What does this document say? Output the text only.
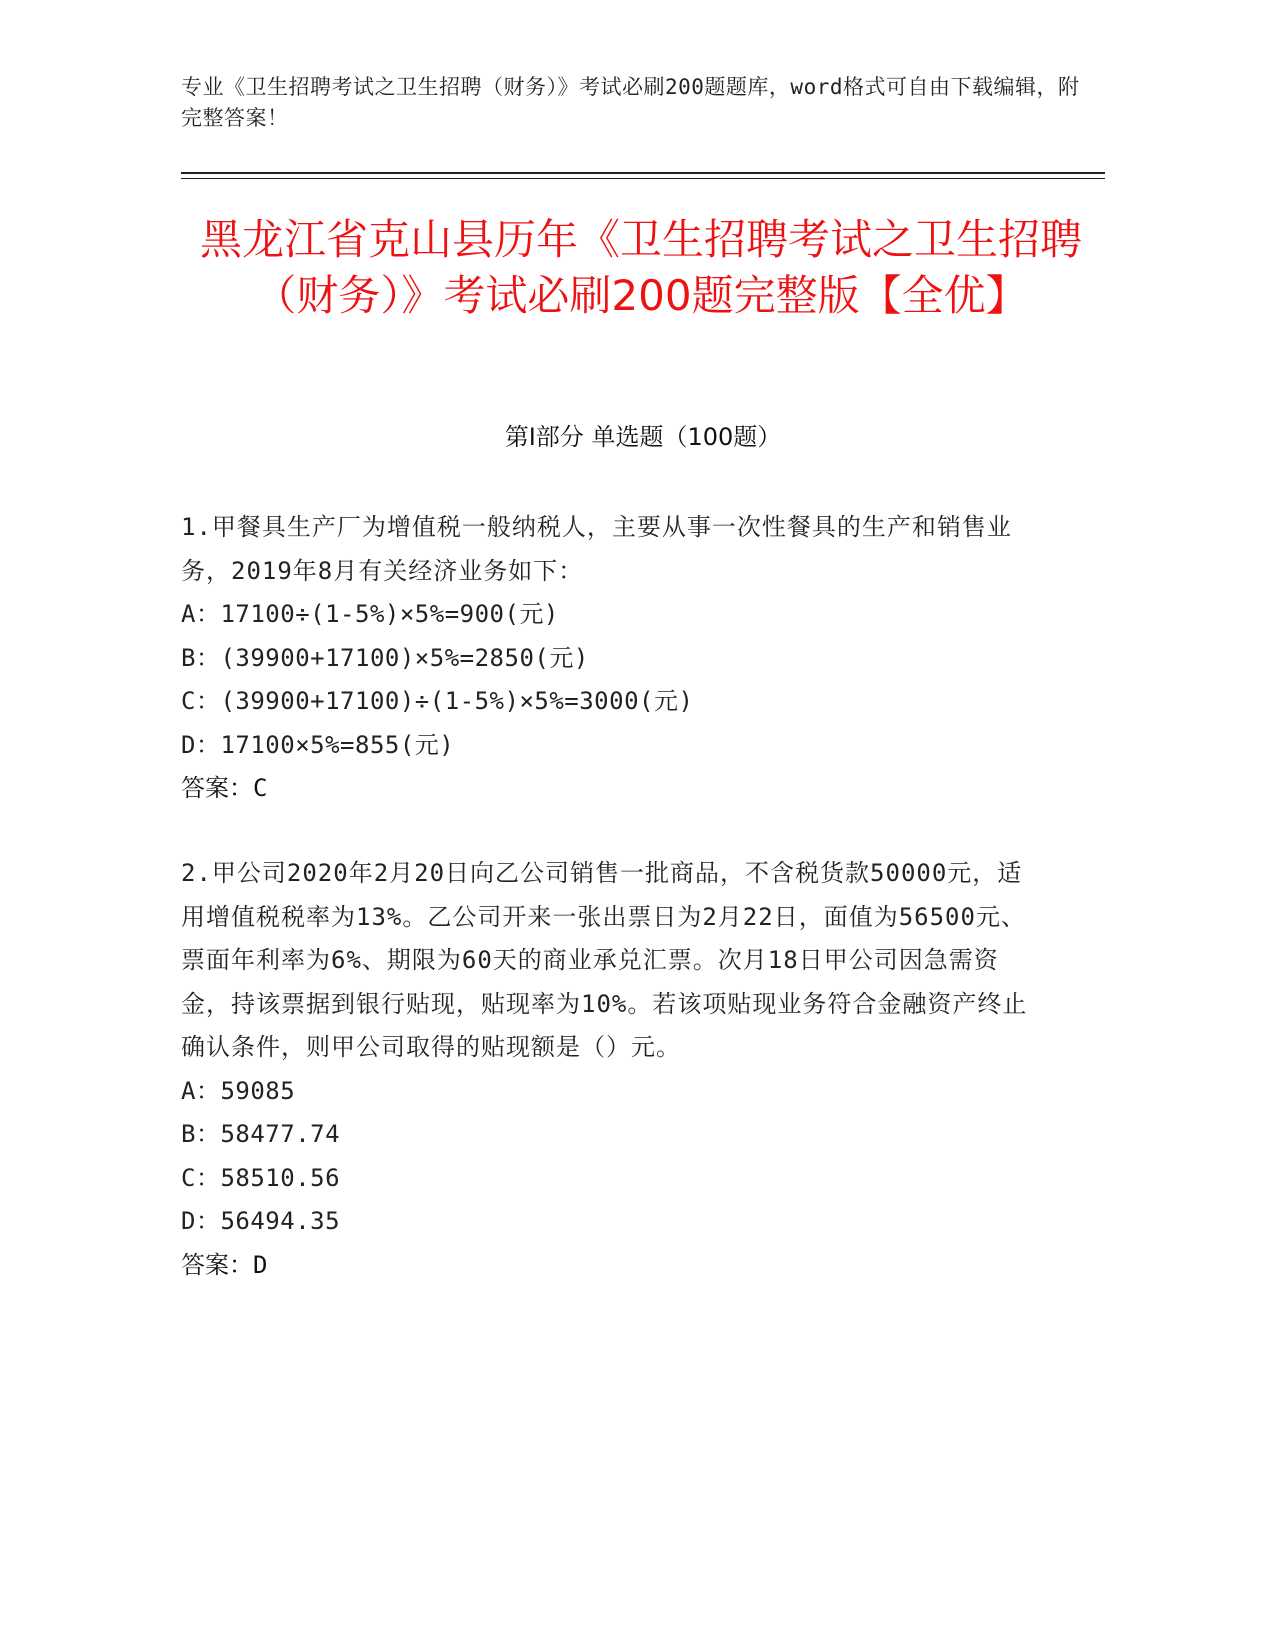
专业《卫生招聘考试之卫生招聘（财务）》考试必刷200题题库，word格式可自由下载编辑，附完整答案！
黑龙江省克山县历年《卫生招聘考试之卫生招聘（财务）》考试必刷200题完整版【全优】
第I部分 单选题（100题）
1.甲餐具生产厂为增值税一般纳税人，主要从事一次性餐具的生产和销售业务，2019年8月有关经济业务如下：
A：17100÷(1-5%)×5%=900(元)
B：(39900+17100)×5%=2850(元)
C：(39900+17100)÷(1-5%)×5%=3000(元)
D：17100×5%=855(元)
答案：C
2.甲公司2020年2月20日向乙公司销售一批商品，不含税货款50000元，适用增值税税率为13%。乙公司开来一张出票日为2月22日，面值为56500元、票面年利率为6%、期限为60天的商业承兑汇票。次月18日甲公司因急需资金，持该票据到银行贴现，贴现率为10%。若该项贴现业务符合金融资产终止确认条件，则甲公司取得的贴现额是（）元。
A：59085
B：58477.74
C：58510.56
D：56494.35
答案：D
